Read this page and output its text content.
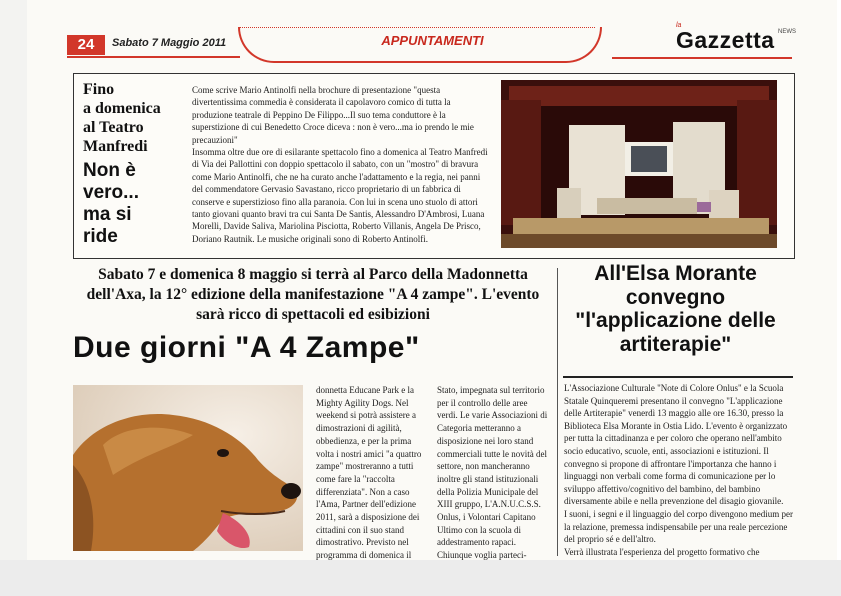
24	Sabato 7 Maggio 2011	APPUNTAMENTI
la
Gazzetta NEWS
Fino
a domenica
al Teatro
Manfredi
Non è
vero...
ma si
ride

Come scrive Mario Antinolfi nella brochure di presentazione "questa divertentissima commedia è considerata il capolavoro comico di tutta la produzione teatrale di Peppino De Filippo...Il suo tema conduttore è la superstizione di cui Benedetto Croce diceva : non è vero...ma io prendo le mie precauzioni"

Insomma oltre due ore di esilarante spettacolo fino a domenica al Teatro Manfredi di Via dei Pallottini con doppio spettacolo il sabato, con un "mostro" di bravura come Mario Antinolfi, che ne ha curato anche l'adattamento e la regia, nei panni del commendatore Gervasio Savastano, ricco proprietario di un fabbrica di conserve e superstizioso fino alla paranoia. Con lui in scena uno stuolo di attori tanto giovani quanto bravi tra cui Santa De Santis, Alessandro D'Ambrosi, Luana Morelli, Davide Saliva, Mariolina Pisciotta, Roberto Villanis, Angela De Prisco, Doriano Rautnik. Le musiche originali sono di Roberto Antinolfi.

Sabato 7 e domenica 8 maggio si terrà al Parco della Madonnetta dell'Axa, la 12° edizione della manifestazione "A 4 zampe". L'evento sarà ricco di spettacoli ed esibizioni
Due giorni "A 4 Zampe"

donnetta Educane Park e la Mighty Agility Dogs. Nel weekend si potrà assistere a dimostrazioni di agilità, obbedienza, e per la prima volta i nostri amici "a quattro zampe" mostreranno a tutti come fare la "raccolta differenziata". Non a caso l'Ama, Partner dell'edizione 2011, sarà a disposizione dei cittadini con il suo stand dimostrativo. Previsto nel programma di domenica il

Stato, impegnata sul territorio per il controllo delle aree verdi. Le varie Associazioni di Categoria metteranno a disposizione nei loro stand commerciali tutte le novità del settore, non mancheranno inoltre gli stand istituzionali della Polizia Municipale del XIII gruppo, L'A.N.U.C.S.S. Onlus, i Volontari Capitano Ultimo con la scuola di addestramento rapaci. Chiunque voglia parteci-

All'Elsa Morante convegno "l'applicazione delle artiterapie"

L'Associazione Culturale "Note di Colore Onlus" e la Scuola Statale Quinqueremi presentano il convegno "L'applicazione delle Artiterapie" venerdì 13 maggio alle ore 16.30, presso la Biblioteca Elsa Morante in Ostia Lido. L'evento è organizzato per tutta la cittadinanza e per coloro che operano nell'ambito socio educativo, scuole, enti, associazioni e istituzioni. Il convegno si propone di affrontare l'importanza che hanno i linguaggi non verbali come forma di comunicazione per lo sviluppo affettivo/cognitivo del bambino, del bambino diversamente abile e nella prevenzione del disagio giovanile.

I suoni, i segni e il linguaggio del corpo divengono medium per la relazione, premessa indispensabile per una reale percezione del proprio sé e dell'altro.

Verrà illustrata l'esperienza del progetto formativo che
